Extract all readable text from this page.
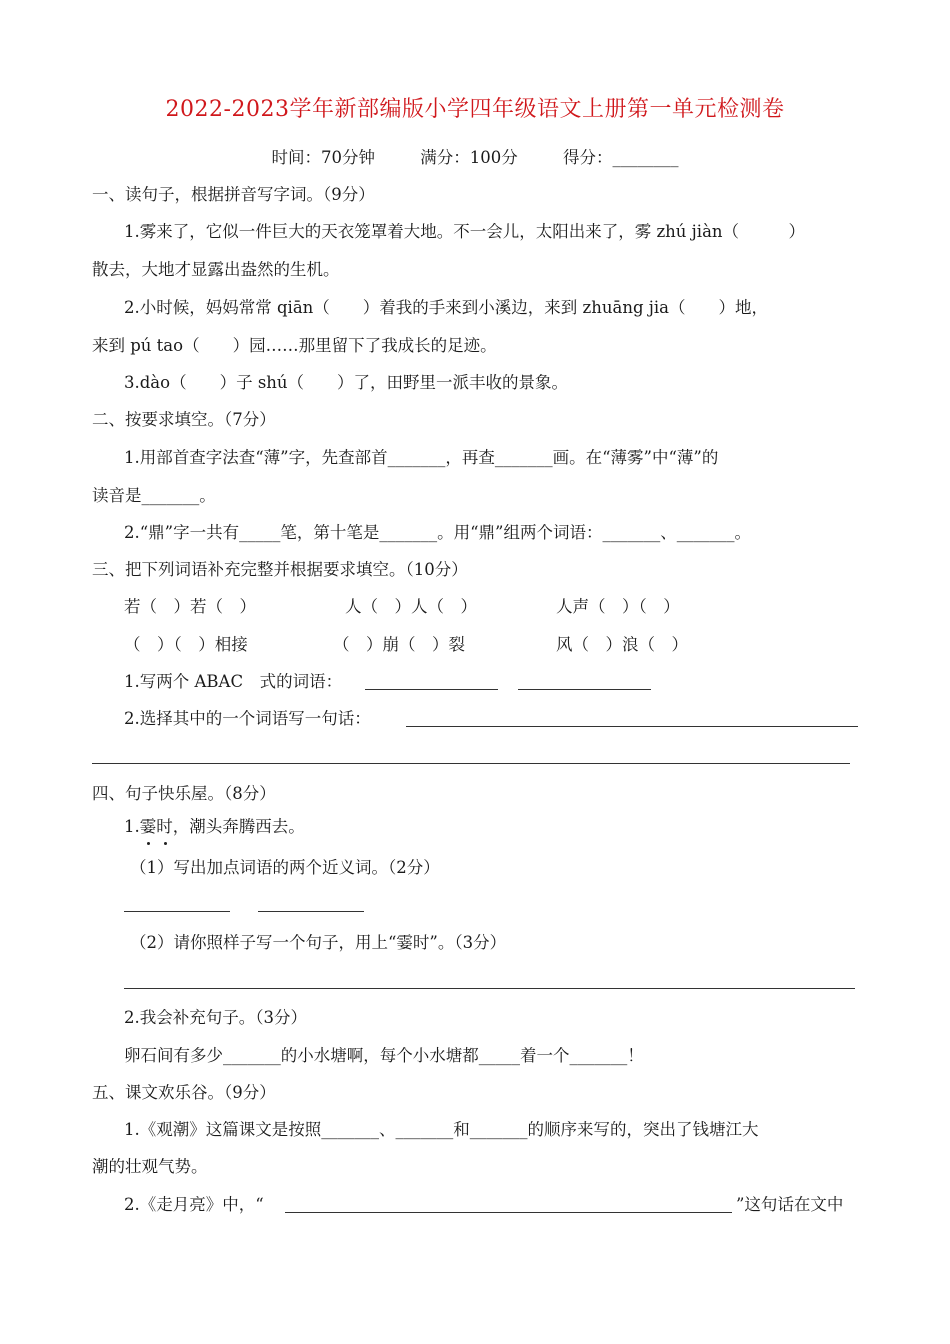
2022-2023学年新部编版小学四年级语文上册第一单元检测卷
时间：70分钟	满分：100分	得分：________
一、读句子，根据拼音写字词。（9分）
1.雾来了，它似一件巨大的天衣笼罩着大地。不一会儿，太阳出来了，雾 zhú jiàn（　　　）
散去，大地才显露出盎然的生机。
2.小时候，妈妈常常 qiān（　　）着我的手来到小溪边，来到 zhuāng jia（　　）地，
来到 pú tao（　　）园……那里留下了我成长的足迹。
3.dào（　　）子 shú（　　）了，田野里一派丰收的景象。
二、按要求填空。（7分）
1.用部首查字法查“薄”字，先查部首_______，再查_______画。在“薄雾”中“薄”的
读音是_______。
2.“鼎”字一共有_____笔，第十笔是_______。用“鼎”组两个词语：_______、_______。
三、把下列词语补充完整并根据要求填空。（10分）
若（　）若（　）	人（　）人（　）	人声（　）（　）
（　）（　）相接	（　）崩（　）裂	风（　）浪（　）
1.写两个 ABAC　式的词语：
2.选择其中的一个词语写一句话：
四、句子快乐屋。（8分）
1.霎时，潮头奔腾西去。
（1）写出加点词语的两个近义词。（2分）
（2）请你照样子写一个句子，用上“霎时”。（3分）
2.我会补充句子。（3分）
卵石间有多少_______的小水塘啊，每个小水塘都_____着一个_______！
五、课文欢乐谷。（9分）
1.《观潮》这篇课文是按照_______、_______和_______的顺序来写的，突出了钱塘江大
潮的壮观气势。
2.《走月亮》中，“	”这句话在文中
